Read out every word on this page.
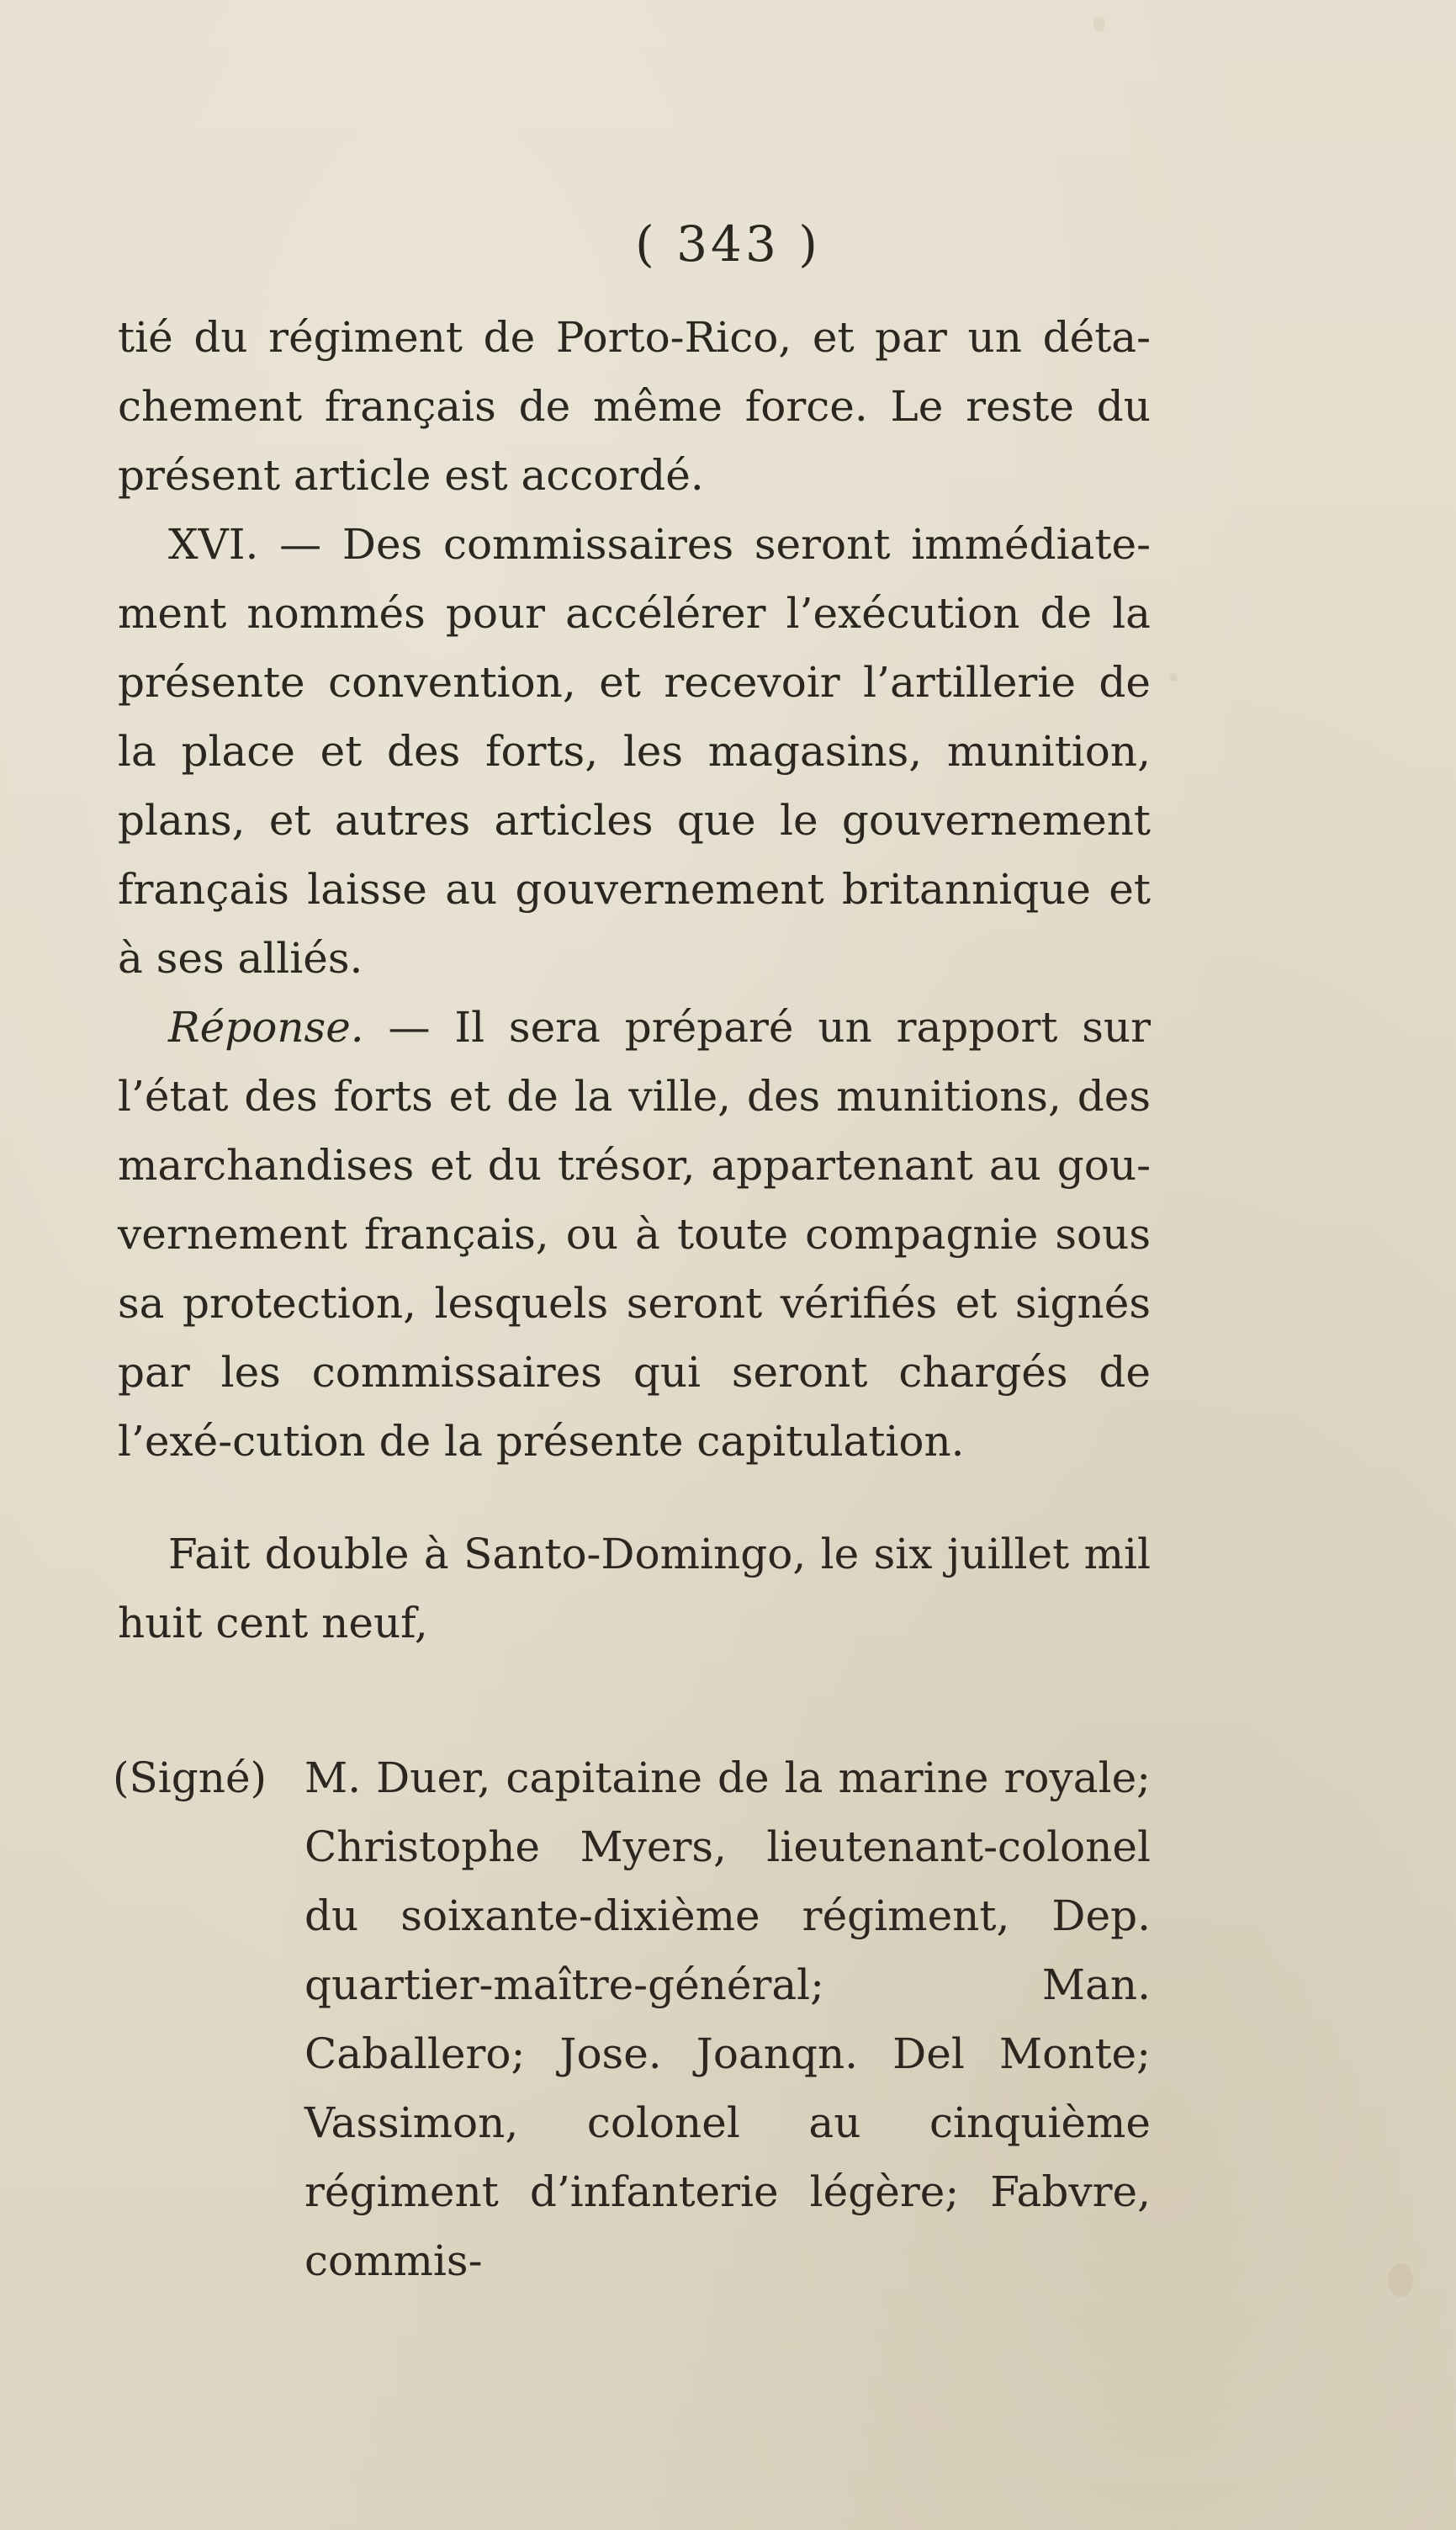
( 343 )

tié du régiment de Porto-Rico, et par un déta-chement français de même force. Le reste du présent article est accordé.

XVI. — Des commissaires seront immédiate-ment nommés pour accélérer l’exécution de la présente convention, et recevoir l’artillerie de la place et des forts, les magasins, munition, plans, et autres articles que le gouvernement français laisse au gouvernement britannique et à ses alliés.

Réponse. — Il sera préparé un rapport sur l’état des forts et de la ville, des munitions, des marchandises et du trésor, appartenant au gou-vernement français, ou à toute compagnie sous sa protection, lesquels seront vérifiés et signés par les commissaires qui seront chargés de l’exé-cution de la présente capitulation.

Fait double à Santo-Domingo, le six juillet mil huit cent neuf,

(Signé) M. Duer, capitaine de la marine royale; Christophe Myers, lieutenant-colonel du soixante-dixième régiment, Dep. quartier-maître-général; Man. Caballero; Jose. Joanqn. Del Monte; Vassimon, colonel au cinquième régiment d’infanterie légère; Fabvre, commis-
